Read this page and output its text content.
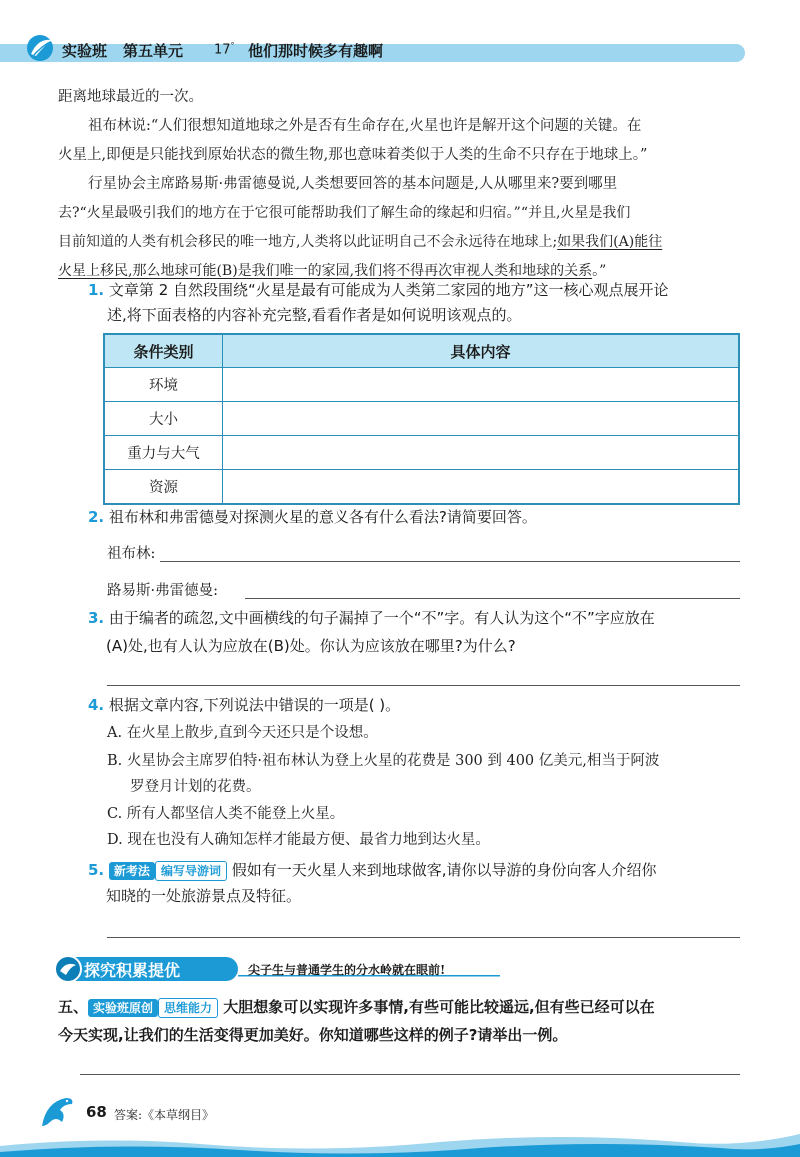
实验班 第五单元 17° 他们那时候多有趣啊
距离地球最近的一次。
祖布林说:“人们很想知道地球之外是否有生命存在,火星也许是解开这个问题的关键。在
火星上,即便是只能找到原始状态的微生物,那也意味着类似于人类的生命不只存在于地球上。”
行星协会主席路易斯·弗雷德曼说,人类想要回答的基本问题是,人从哪里来?要到哪里
去?“火星最吸引我们的地方在于它很可能帮助我们了解生命的缘起和归宿。”“并且,火星是我们
目前知道的人类有机会移民的唯一地方,人类将以此证明自己不会永远待在地球上;如果我们(A)能往
火星上移民,那么地球可能(B)是我们唯一的家园,我们将不得再次审视人类和地球的关系。”
1. 文章第 2 自然段围绕“火星是最有可能成为人类第二家园的地方”这一核心观点展开论
述,将下面表格的内容补充完整,看看作者是如何说明该观点的。
条件类别	具体内容
环境	
大小	
重力与大气	
资源	
2. 祖布林和弗雷德曼对探测火星的意义各有什么看法?请简要回答。
祖布林:
路易斯·弗雷德曼:
3. 由于编者的疏忽,文中画横线的句子漏掉了一个“不”字。有人认为这个“不”字应放在
(A)处,也有人认为应放在(B)处。你认为应该放在哪里?为什么?
4. 根据文章内容,下列说法中错误的一项是( )。
A. 在火星上散步,直到今天还只是个设想。
B. 火星协会主席罗伯特·祖布林认为登上火星的花费是 300 到 400 亿美元,相当于阿波
罗登月计划的花费。
C. 所有人都坚信人类不能登上火星。
D. 现在也没有人确知怎样才能最方便、最省力地到达火星。
5. 新考法 编写导游词 假如有一天火星人来到地球做客,请你以导游的身份向客人介绍你
知晓的一处旅游景点及特征。
探究积累提优	尖子生与普通学生的分水岭就在眼前!
五、 实验班原创 思维能力 大胆想象可以实现许多事情,有些可能比较遥远,但有些已经可以在
今天实现,让我们的生活变得更加美好。你知道哪些这样的例子?请举出一例。
68 答案:《本草纲目》
